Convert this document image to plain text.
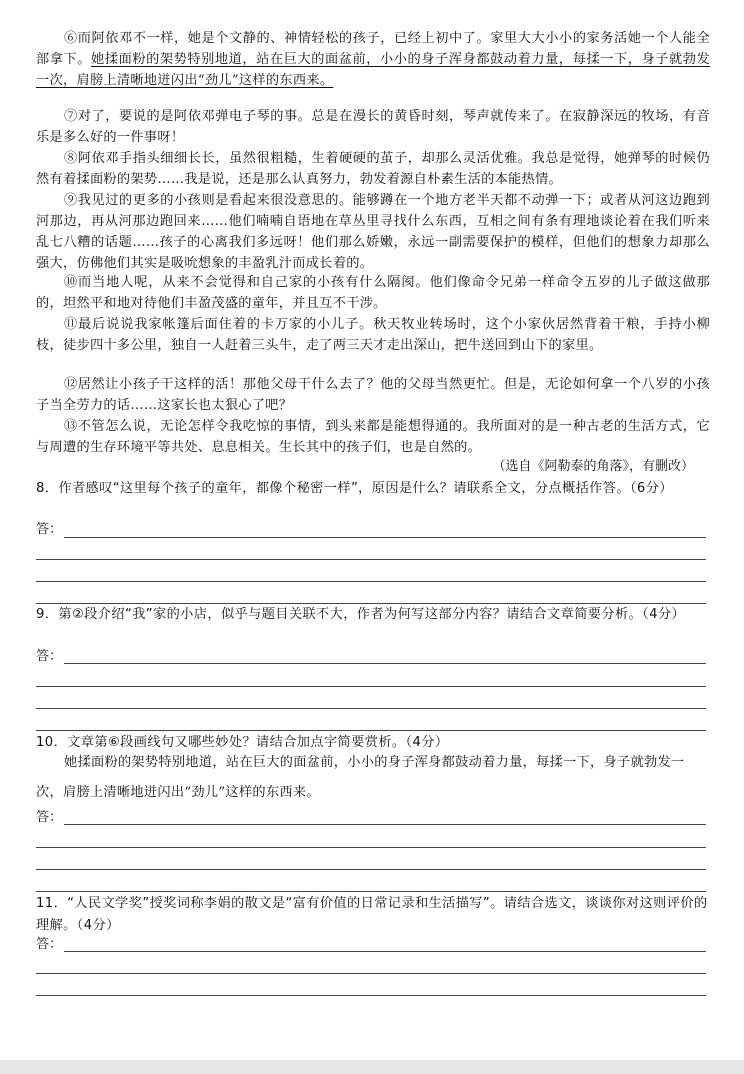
⑥而阿依邓不一样，她是个文静的、神情轻松的孩子，已经上初中了。家里大大小小的家务活她一个人能全部拿下。她揉面粉的架势特别地道，站在巨大的面盆前，小小的身子浑身都鼓动着力量，每揉一下，身子就勃发一次，肩膀上清晰地迸闪出“劲儿”这样的东西来。
⑦对了，要说的是阿依邓弹电子琴的事。总是在漫长的黄昏时刻，琴声就传来了。在寂静深远的牧场，有音乐是多么好的一件事呀！
⑧阿依邓手指头细细长长，虽然很粗糙，生着硬硬的茧子，却那么灵活优雅。我总是觉得，她弹琴的时候仍然有着揉面粉的架势……我是说，还是那么认真努力，勃发着源自朴素生活的本能热情。
⑨我见过的更多的小孩则是看起来很没意思的。能够蹲在一个地方老半天都不动弹一下；或者从河这边跑到河那边，再从河那边跑回来……他们喃喃自语地在草丛里寻找什么东西，互相之间有条有理地谈论着在我们听来乱七八糟的话题……孩子的心离我们多远呀！他们那么娇嫩，永远一副需要保护的模样，但他们的想象力却那么强大，仿佛他们其实是吸吮想象的丰盈乳汁而成长着的。
⑩而当地人呢，从来不会觉得和自己家的小孩有什么隔阂。他们像命令兄弟一样命令五岁的儿子做这做那的，坦然平和地对待他们丰盈茂盛的童年，并且互不干涉。
⑪最后说说我家帐篷后面住着的卡万家的小儿子。秋天牧业转场时，这个小家伙居然背着干粮，手持小柳枝，徒步四十多公里，独自一人赶着三头牛，走了两三天才走出深山，把牛送回到山下的家里。
⑫居然让小孩子干这样的活！那他父母干什么去了？他的父母当然更忙。但是，无论如何拿一个八岁的小孩子当全劳力的话……这家长也太狠心了吧？
⑬不管怎么说，无论怎样令我吃惊的事情，到头来都是能想得通的。我所面对的是一种古老的生活方式，它与周遭的生存环境平等共处、息息相关。生长其中的孩子们，也是自然的。
（选自《阿勒泰的角落》，有删改）
8．作者感叹“这里每个孩子的童年，都像个秘密一样”，原因是什么？请联系全文，分点概括作答。（6分）
答：
9．第②段介绍“我”家的小店，似乎与题目关联不大，作者为何写这部分内容？请结合文章简要分析。（4分）
答：
10．文章第⑥段画线句又哪些妙处？请结合加点字简要赏析。（4分）
她揉面粉的架势特别地道，站在巨大的面盆前，小小的身子浑身都鼓动着力量，每揉一下，身子就勃发一次，肩膀上清晰地迸闪出“劲儿”这样的东西来。
答：
11．“人民文学奖”授奖词称李娟的散文是“富有价值的日常记录和生活描写”。请结合选文，谈谈你对这则评价的理解。（4分）
答：
